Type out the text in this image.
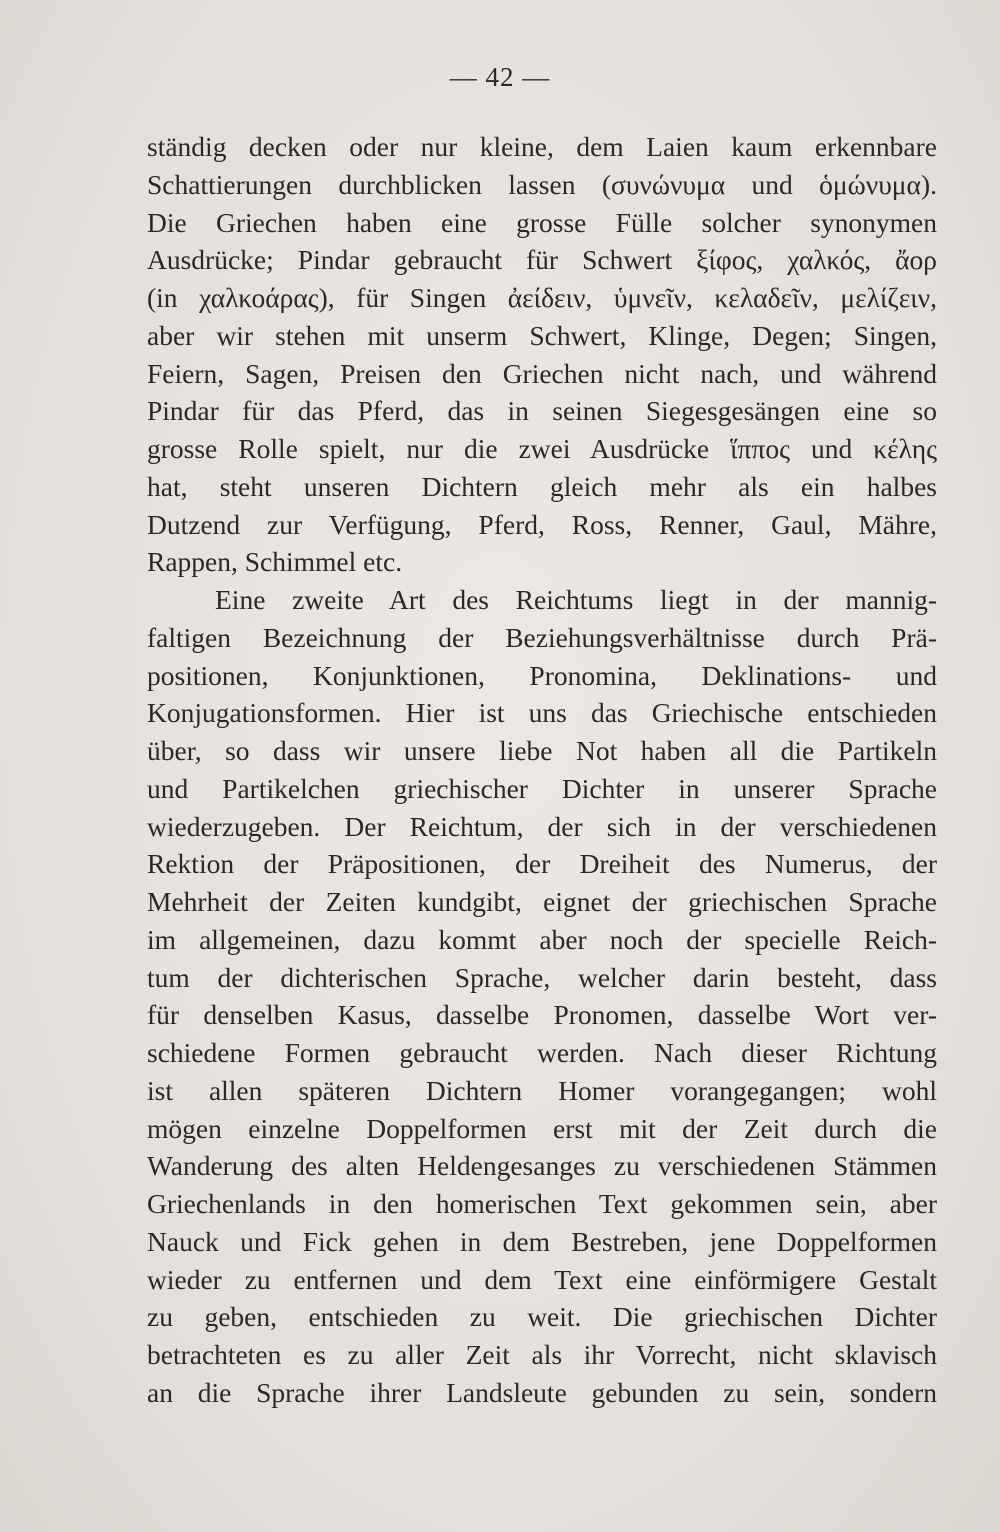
— 42 —
ständig decken oder nur kleine, dem Laien kaum erkennbare
Schattierungen durchblicken lassen (συνώνυμα und ὁμώνυμα).
Die Griechen haben eine grosse Fülle solcher synonymen
Ausdrücke; Pindar gebraucht für Schwert ξίφος, χαλκός, ἄορ
(in χαλκοάρας), für Singen ἀείδειν, ὑμνεῖν, κελαδεῖν, μελίζειν,
aber wir stehen mit unserm Schwert, Klinge, Degen; Singen,
Feiern, Sagen, Preisen den Griechen nicht nach, und während
Pindar für das Pferd, das in seinen Siegesgesängen eine so
grosse Rolle spielt, nur die zwei Ausdrücke ἵππος und κέλης
hat, steht unseren Dichtern gleich mehr als ein halbes
Dutzend zur Verfügung, Pferd, Ross, Renner, Gaul, Mähre,
Rappen, Schimmel etc.
Eine zweite Art des Reichtums liegt in der mannig-
faltigen Bezeichnung der Beziehungsverhältnisse durch Prä-
positionen, Konjunktionen, Pronomina, Deklinations- und
Konjugationsformen. Hier ist uns das Griechische entschieden
über, so dass wir unsere liebe Not haben all die Partikeln
und Partikelchen griechischer Dichter in unserer Sprache
wiederzugeben. Der Reichtum, der sich in der verschiedenen
Rektion der Präpositionen, der Dreiheit des Numerus, der
Mehrheit der Zeiten kundgibt, eignet der griechischen Sprache
im allgemeinen, dazu kommt aber noch der specielle Reich-
tum der dichterischen Sprache, welcher darin besteht, dass
für denselben Kasus, dasselbe Pronomen, dasselbe Wort ver-
schiedene Formen gebraucht werden. Nach dieser Richtung
ist allen späteren Dichtern Homer vorangegangen; wohl
mögen einzelne Doppelformen erst mit der Zeit durch die
Wanderung des alten Heldengesanges zu verschiedenen Stämmen
Griechenlands in den homerischen Text gekommen sein, aber
Nauck und Fick gehen in dem Bestreben, jene Doppelformen
wieder zu entfernen und dem Text eine einförmigere Gestalt
zu geben, entschieden zu weit. Die griechischen Dichter
betrachteten es zu aller Zeit als ihr Vorrecht, nicht sklavisch
an die Sprache ihrer Landsleute gebunden zu sein, sondern
